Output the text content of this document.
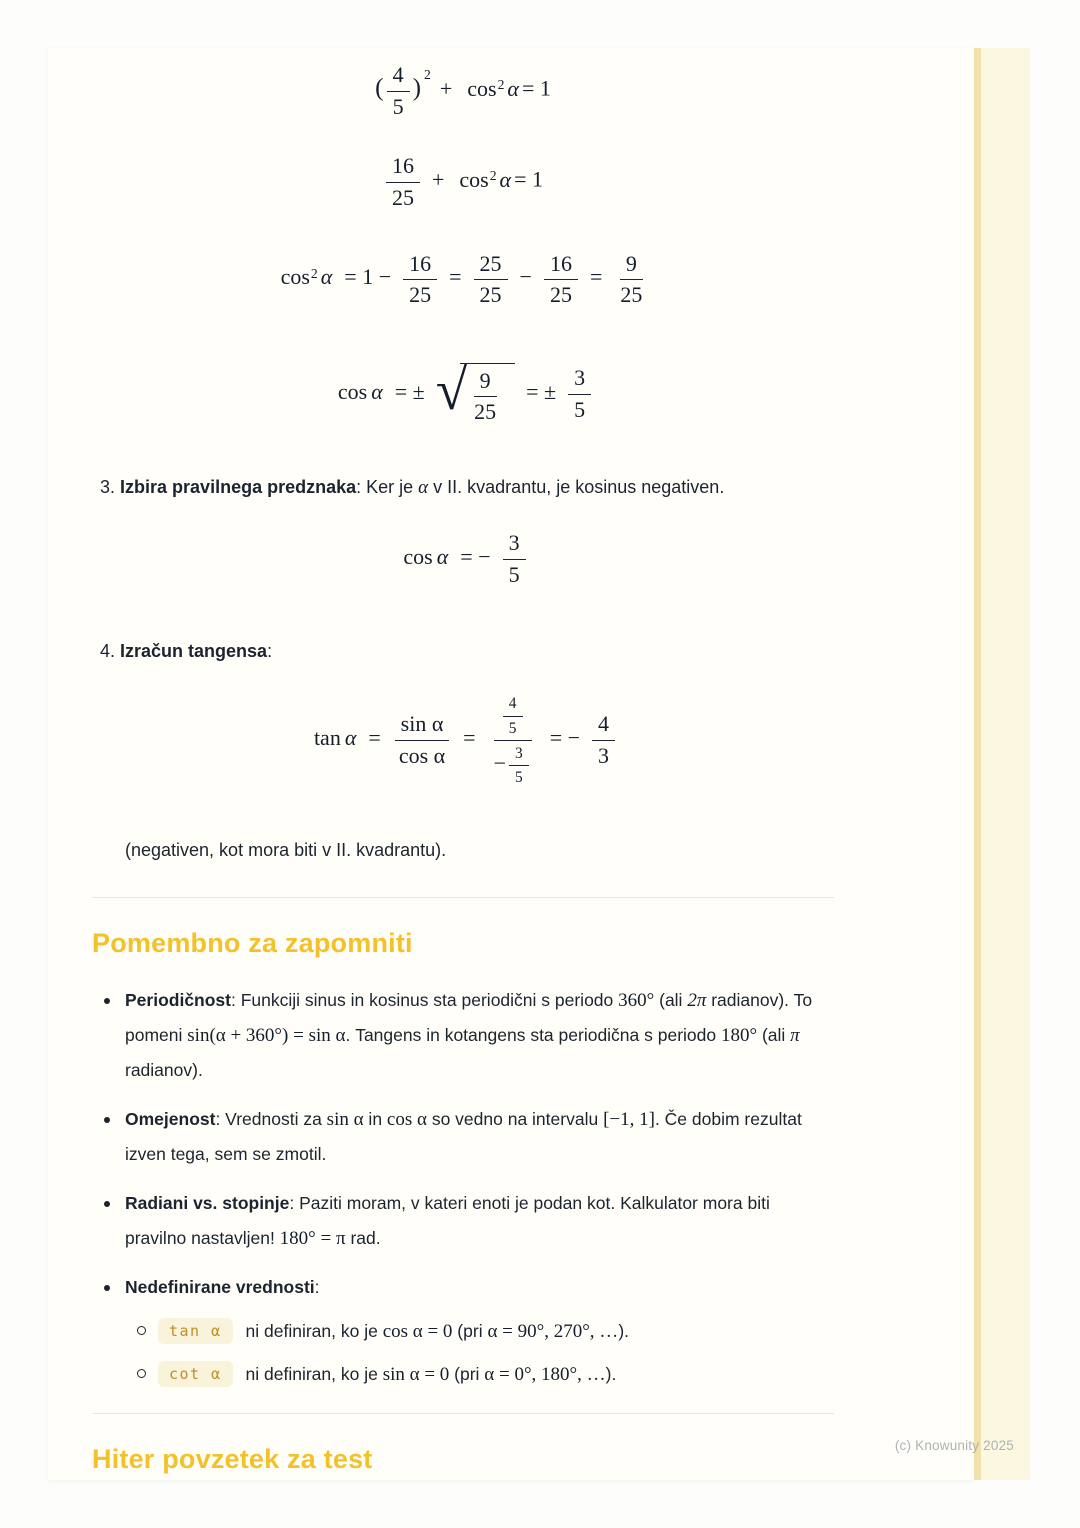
( $\frac{4}{5}$ ) $^2+ \cos^2 \alpha = 1$
$\frac{16}{25} + \cos^2 \alpha = 1$
$\cos^2 \alpha = 1 - \frac{16}{25} = \frac{25}{25} - \frac{16}{25} = \frac{9}{25}$
cos α = ± √ $\frac{9}{25}$ = ± $\frac{3}{5}$
3. Izbira pravilnega predznaka: Ker je α v II. kvadrantu, je kosinus negativen.
cos α = − $\frac{3}{5}$
4. Izračun tangensa:
$\tan \alpha = \frac{\text{sin α}}{\text{cos α}} = \frac{\frac{4}{5}}{- \frac{3}{5}}$ = − $\frac{4}{3}$
(negativen, kot mora biti v II. kvadrantu).
Pomembno za zapomniti
Periodičnost: Funkciji sinus in kosinus sta periodični s periodo 360° (ali 2π radianov). To pomeni sin(α + 360°) = sin α. Tangens in kotangens sta periodična s periodo 180° (ali π radianov).
Omejenost: Vrednosti za sin α in cos α so vedno na intervalu [−1, 1]. Če dobim rezultat izven tega, sem se zmotil.
Radiani vs. stopinje: Paziti moram, v kateri enoti je podan kot. Kalkulator mora biti pravilno nastavljen! 180° = π rad.
Nedefinirane vrednosti:
tan α ni definiran, ko je cos α = 0 (pri α = 90°, 270°, …).
cot α ni definiran, ko je sin α = 0 (pri α = 0°, 180°, …).
Hiter povzetek za test	(c) Knowunity 2025
